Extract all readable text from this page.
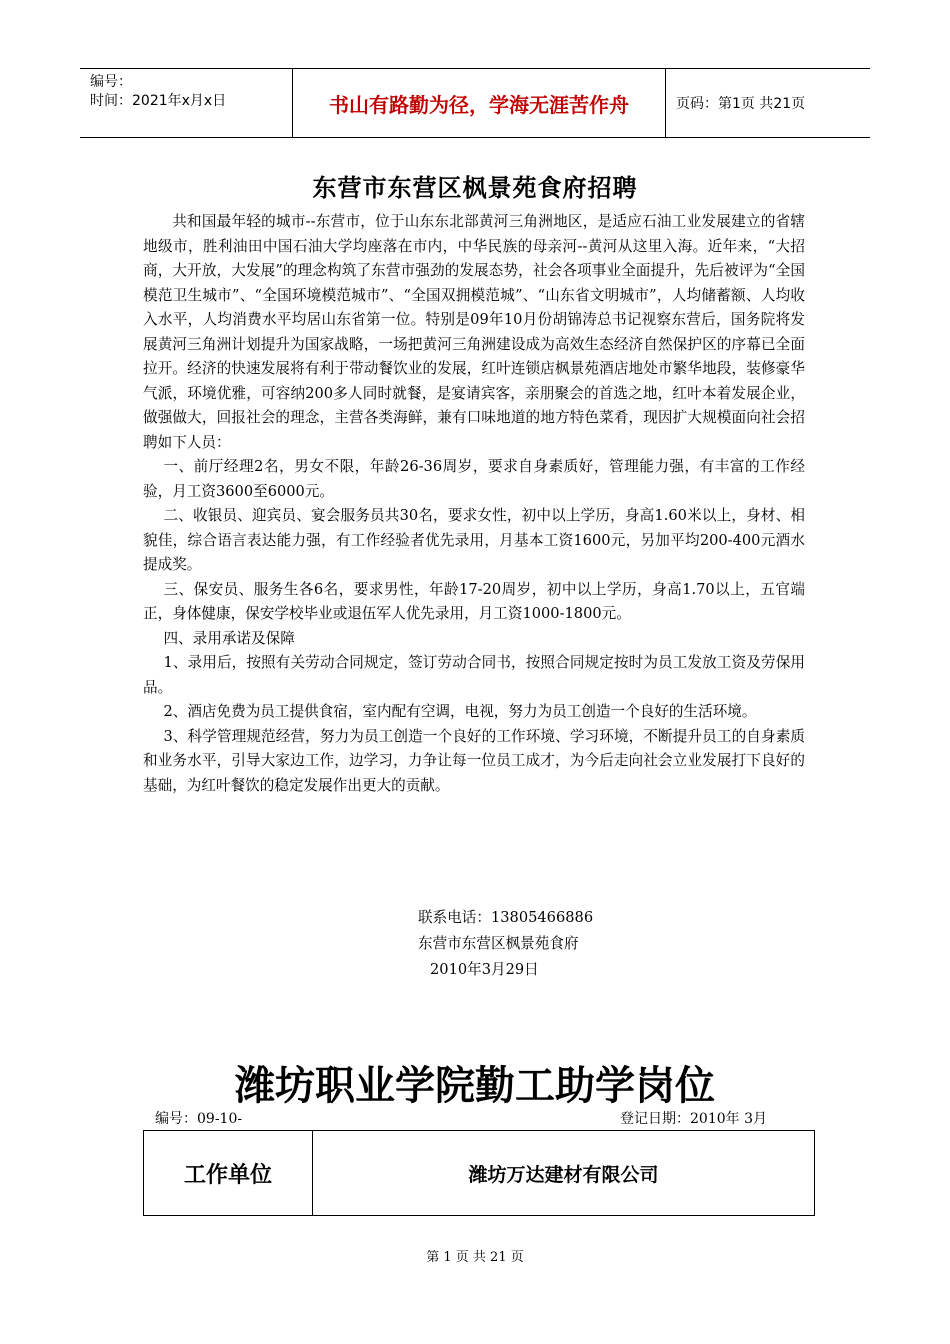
编号：
时间：2021年x月x日	书山有路勤为径，学海无涯苦作舟	页码：第1页 共21页
东营市东营区枫景苑食府招聘

共和国最年轻的城市--东营市，位于山东东北部黄河三角洲地区，是适应石油工业发展建立的省辖地级市，胜利油田中国石油大学均座落在市内，中华民族的母亲河--黄河从这里入海。近年来，“大招商，大开放，大发展”的理念构筑了东营市强劲的发展态势，社会各项事业全面提升，先后被评为“全国模范卫生城市”、“全国环境模范城市”、“全国双拥模范城”、“山东省文明城市”，人均储蓄额、人均收入水平，人均消费水平均居山东省第一位。特别是09年10月份胡锦涛总书记视察东营后，国务院将发展黄河三角洲计划提升为国家战略，一场把黄河三角洲建设成为高效生态经济自然保护区的序幕已全面拉开。经济的快速发展将有利于带动餐饮业的发展，红叶连锁店枫景苑酒店地处市繁华地段，装修豪华气派，环境优雅，可容纳200多人同时就餐，是宴请宾客，亲朋聚会的首选之地，红叶本着发展企业，做强做大，回报社会的理念，主营各类海鲜，兼有口味地道的地方特色菜肴，现因扩大规模面向社会招聘如下人员：

一、前厅经理2名，男女不限，年龄26-36周岁，要求自身素质好，管理能力强，有丰富的工作经验，月工资3600至6000元。

二、收银员、迎宾员、宴会服务员共30名，要求女性，初中以上学历，身高1.60米以上，身材、相貌佳，综合语言表达能力强，有工作经验者优先录用，月基本工资1600元，另加平均200-400元酒水提成奖。

三、保安员、服务生各6名，要求男性，年龄17-20周岁，初中以上学历，身高1.70以上，五官端正，身体健康，保安学校毕业或退伍军人优先录用，月工资1000-1800元。

四、录用承诺及保障

1、录用后，按照有关劳动合同规定，签订劳动合同书，按照合同规定按时为员工发放工资及劳保用品。

2、酒店免费为员工提供食宿，室内配有空调，电视，努力为员工创造一个良好的生活环境。

3、科学管理规范经营，努力为员工创造一个良好的工作环境、学习环境，不断提升员工的自身素质和业务水平，引导大家边工作，边学习，力争让每一位员工成才，为今后走向社会立业发展打下良好的基础，为红叶餐饮的稳定发展作出更大的贡献。

联系电话：13805466886
东营市东营区枫景苑食府
2010年3月29日
潍坊职业学院勤工助学岗位
编号：09-10-	登记日期：2010年 3月
工作单位	潍坊万达建材有限公司
第 1 页 共 21 页
